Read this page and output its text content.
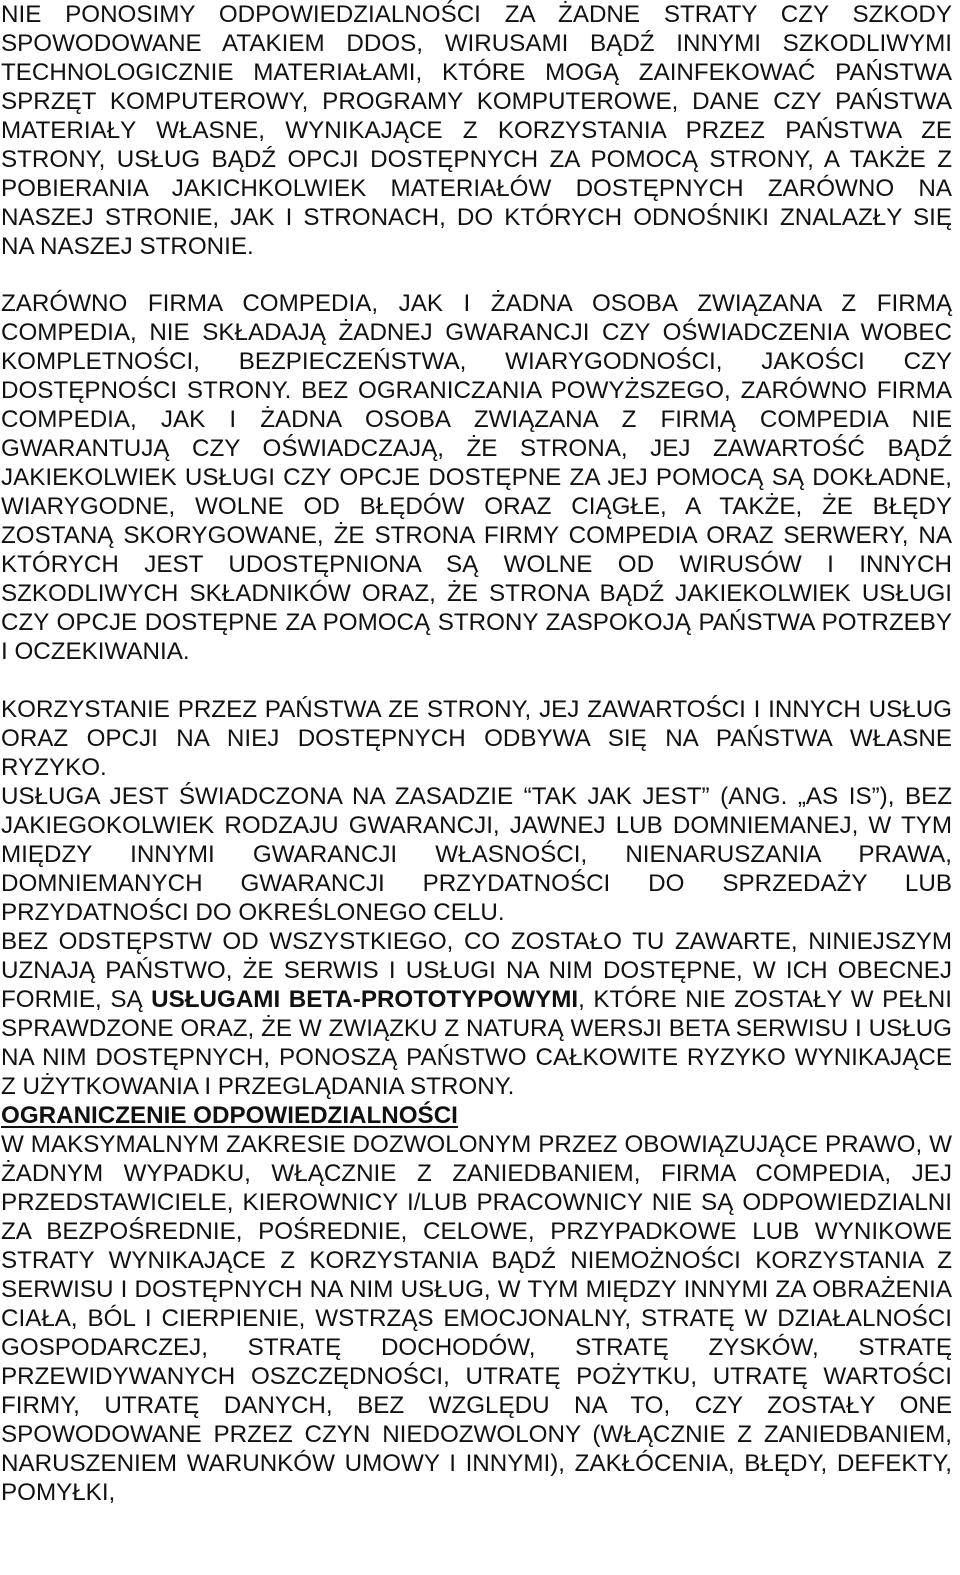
NIE PONOSIMY ODPOWIEDZIALNOŚCI ZA ŻADNE STRATY CZY SZKODY SPOWODOWANE ATAKIEM DDOS, WIRUSAMI BĄDŹ INNYMI SZKODLIWYMI TECHNOLOGICZNIE MATERIAŁAMI, KTÓRE MOGĄ ZAINFEKOWAĆ PAŃSTWA SPRZĘT KOMPUTEROWY, PROGRAMY KOMPUTEROWE, DANE CZY PAŃSTWA MATERIAŁY WŁASNE, WYNIKAJĄCE Z KORZYSTANIA PRZEZ PAŃSTWA ZE STRONY, USŁUG BĄDŹ OPCJI DOSTĘPNYCH ZA POMOCĄ STRONY, A TAKŻE Z POBIERANIA JAKICHKOLWIEK MATERIAŁÓW DOSTĘPNYCH ZARÓWNO NA NASZEJ STRONIE, JAK I STRONACH, DO KTÓRYCH ODNOŚNIKI ZNALAZŁY SIĘ NA NASZEJ STRONIE.

ZARÓWNO FIRMA COMPEDIA, JAK I ŻADNA OSOBA ZWIĄZANA Z FIRMĄ COMPEDIA, NIE SKŁADAJĄ ŻADNEJ GWARANCJI CZY OŚWIADCZENIA WOBEC KOMPLETNOŚCI, BEZPIECZEŃSTWA, WIARYGODNOŚCI, JAKOŚCI CZY DOSTĘPNOŚCI STRONY. BEZ OGRANICZANIA POWYŻSZEGO, ZARÓWNO FIRMA COMPEDIA, JAK I ŻADNA OSOBA ZWIĄZANA Z FIRMĄ COMPEDIA NIE GWARANTUJĄ CZY OŚWIADCZAJĄ, ŻE STRONA, JEJ ZAWARTOŚĆ BĄDŹ JAKIEKOLWIEK USŁUGI CZY OPCJE DOSTĘPNE ZA JEJ POMOCĄ SĄ DOKŁADNE, WIARYGODNE, WOLNE OD BŁĘDÓW ORAZ CIĄGŁE, A TAKŻE, ŻE BŁĘDY ZOSTANĄ SKORYGOWANE, ŻE STRONA FIRMY COMPEDIA ORAZ SERWERY, NA KTÓRYCH JEST UDOSTĘPNIONA SĄ WOLNE OD WIRUSÓW I INNYCH SZKODLIWYCH SKŁADNIKÓW ORAZ, ŻE STRONA BĄDŹ JAKIEKOLWIEK USŁUGI CZY OPCJE DOSTĘPNE ZA POMOCĄ STRONY ZASPOKOJĄ PAŃSTWA POTRZEBY I OCZEKIWANIA.

KORZYSTANIE PRZEZ PAŃSTWA ZE STRONY, JEJ ZAWARTOŚCI I INNYCH USŁUG ORAZ OPCJI NA NIEJ DOSTĘPNYCH ODBYWA SIĘ NA PAŃSTWA WŁASNE RYZYKO.

USŁUGA JEST ŚWIADCZONA NA ZASADZIE “TAK JAK JEST” (ANG. „AS IS”), BEZ JAKIEGOKOLWIEK RODZAJU GWARANCJI, JAWNEJ LUB DOMNIEMANEJ, W TYM MIĘDZY INNYMI GWARANCJI WŁASNOŚCI, NIENARUSZANIA PRAWA, DOMNIEMANYCH GWARANCJI PRZYDATNOŚCI DO SPRZEDAŻY LUB PRZYDATNOŚCI DO OKREŚLONEGO CELU.

BEZ ODSTĘPSTW OD WSZYSTKIEGO, CO ZOSTAŁO TU ZAWARTE, NINIEJSZYM UZNAJĄ PAŃSTWO, ŻE SERWIS I USŁUGI NA NIM DOSTĘPNE, W ICH OBECNEJ FORMIE, SĄ USŁUGAMI BETA-PROTOTYPOWYMI, KTÓRE NIE ZOSTAŁY W PEŁNI SPRAWDZONE ORAZ, ŻE W ZWIĄZKU Z NATURĄ WERSJI BETA SERWISU I USŁUG NA NIM DOSTĘPNYCH, PONOSZĄ PAŃSTWO CAŁKOWITE RYZYKO WYNIKAJĄCE Z UŻYTKOWANIA I PRZEGLĄDANIA STRONY.

OGRANICZENIE ODPOWIEDZIALNOŚCI

W MAKSYMALNYM ZAKRESIE DOZWOLONYM PRZEZ OBOWIĄZUJĄCE PRAWO, W ŻADNYM WYPADKU, WŁĄCZNIE Z ZANIEDBANIEM, FIRMA COMPEDIA, JEJ PRZEDSTAWICIELE, KIEROWNICY I/LUB PRACOWNICY NIE SĄ ODPOWIEDZIALNI ZA BEZPOŚREDNIE, POŚREDNIE, CELOWE, PRZYPADKOWE LUB WYNIKOWE STRATY WYNIKAJĄCE Z KORZYSTANIA BĄDŹ NIEMOŻNOŚCI KORZYSTANIA Z SERWISU I DOSTĘPNYCH NA NIM USŁUG, W TYM MIĘDZY INNYMI ZA OBRAŻENIA CIAŁA, BÓL I CIERPIENIE, WSTRZĄS EMOCJONALNY, STRATĘ W DZIAŁALNOŚCI GOSPODARCZEJ, STRATĘ DOCHODÓW, STRATĘ ZYSKÓW, STRATĘ PRZEWIDYWANYCH OSZCZĘDNOŚCI, UTRATĘ POŻYTKU, UTRATĘ WARTOŚCI FIRMY, UTRATĘ DANYCH, BEZ WZGLĘDU NA TO, CZY ZOSTAŁY ONE SPOWODOWANE PRZEZ CZYN NIEDOZWOLONY (WŁĄCZNIE Z ZANIEDBANIEM, NARUSZENIEM WARUNKÓW UMOWY I INNYMI), ZAKŁÓCENIA, BŁĘDY, DEFEKTY, POMYŁKI,
